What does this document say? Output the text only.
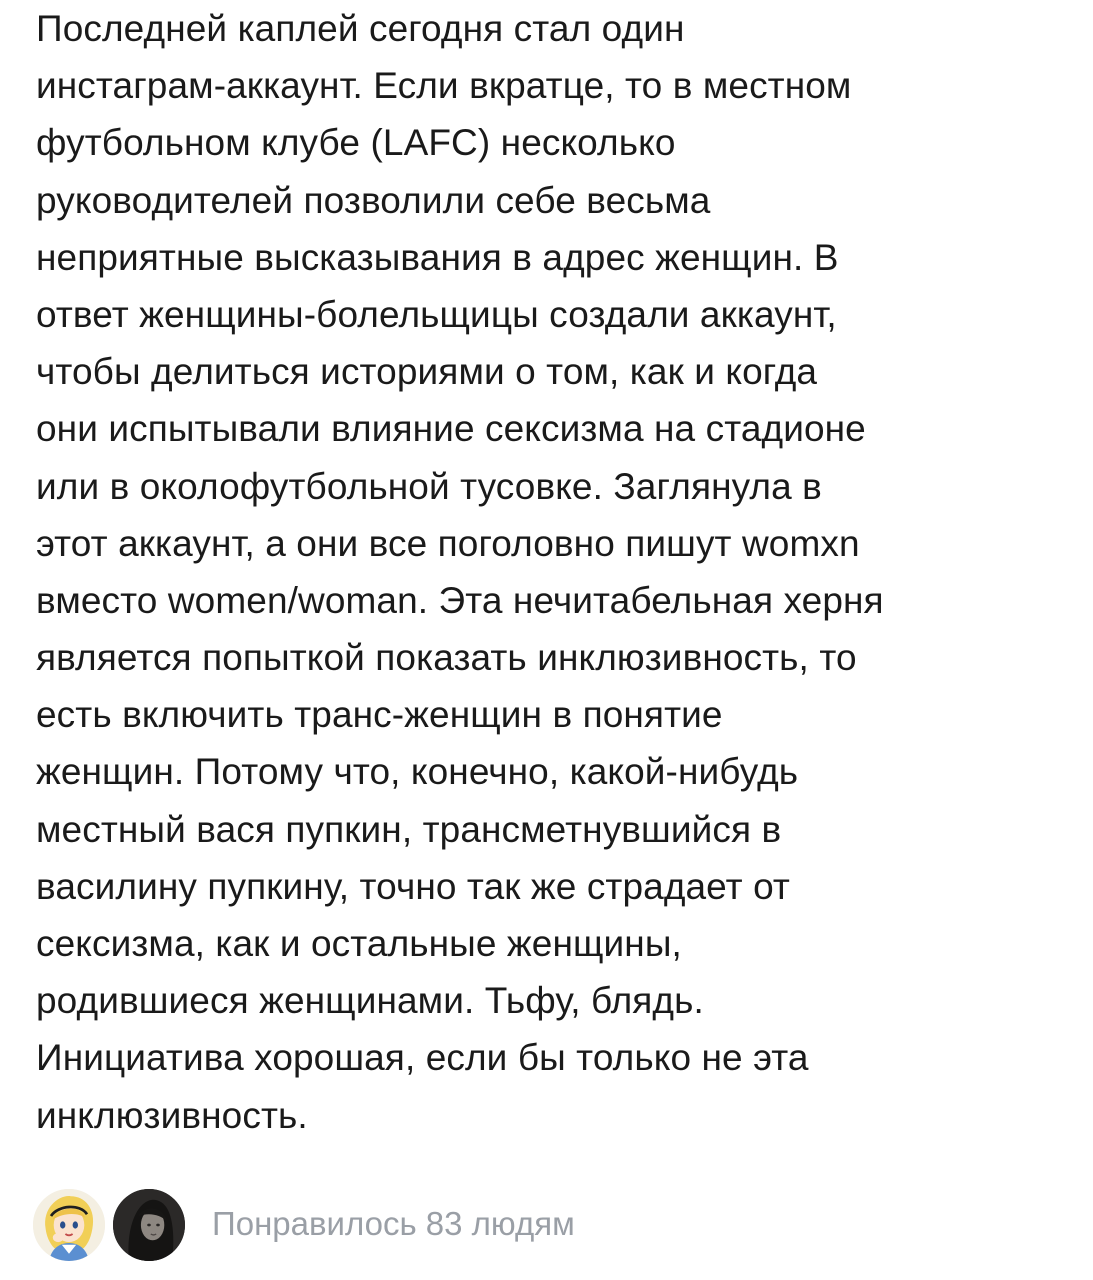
Последней каплей сегодня стал один
инстаграм-аккаунт. Если вкратце, то в местном
футбольном клубе (LAFC) несколько
руководителей позволили себе весьма
неприятные высказывания в адрес женщин. В
ответ женщины-болельщицы создали аккаунт,
чтобы делиться историями о том, как и когда
они испытывали влияние сексизма на стадионе
или в околофутбольной тусовке. Заглянула в
этот аккаунт, а они все поголовно пишут womxn
вместо women/woman. Эта нечитабельная херня
является попыткой показать инклюзивность, то
есть включить транс-женщин в понятие
женщин. Потому что, конечно, какой-нибудь
местный вася пупкин, трансметнувшийся в
василину пупкину, точно так же страдает от
сексизма, как и остальные женщины,
родившиеся женщинами. Тьфу, блядь.
Инициатива хорошая, если бы только не эта
инклюзивность.
Понравилось 83 людям
